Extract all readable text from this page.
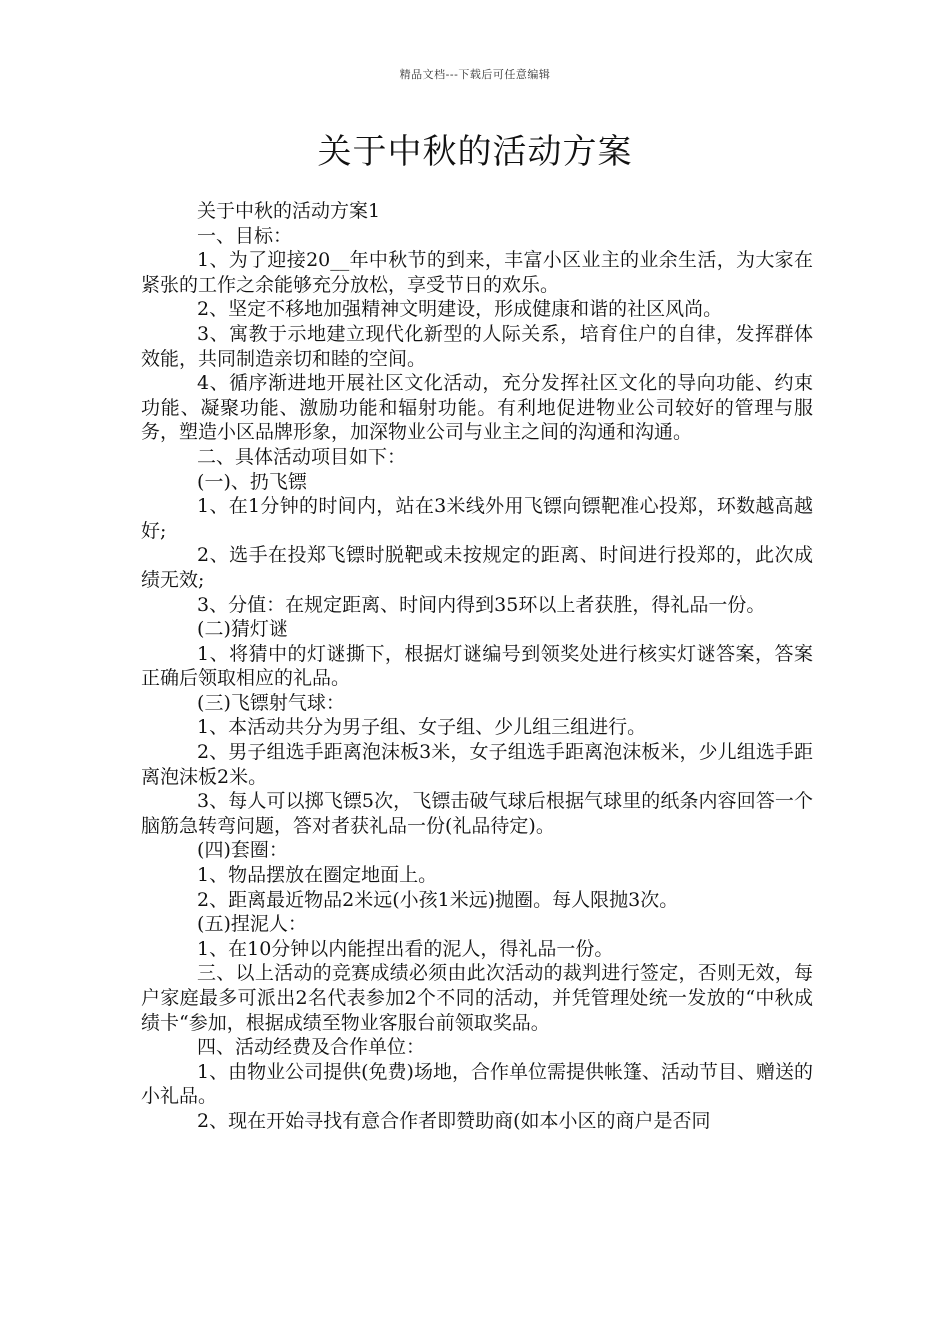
精品文档---下载后可任意编辑
关于中秋的活动方案

关于中秋的活动方案1

一、目标：

1、为了迎接20__年中秋节的到来，丰富小区业主的业余生活，为大家在紧张的工作之余能够充分放松，享受节日的欢乐。

2、坚定不移地加强精神文明建设，形成健康和谐的社区风尚。

3、寓教于示地建立现代化新型的人际关系，培育住户的自律，发挥群体效能，共同制造亲切和睦的空间。

4、循序渐进地开展社区文化活动，充分发挥社区文化的导向功能、约束功能、凝聚功能、激励功能和辐射功能。有利地促进物业公司较好的管理与服务，塑造小区品牌形象，加深物业公司与业主之间的沟通和沟通。

二、具体活动项目如下：

(一)、扔飞镖

1、在1分钟的时间内，站在3米线外用飞镖向镖靶准心投郑，环数越高越好;

2、选手在投郑飞镖时脱靶或未按规定的距离、时间进行投郑的，此次成绩无效;

3、分值：在规定距离、时间内得到35环以上者获胜，得礼品一份。

(二)猜灯谜

1、将猜中的灯谜撕下，根据灯谜编号到领奖处进行核实灯谜答案，答案正确后领取相应的礼品。

(三)飞镖射气球：

1、本活动共分为男子组、女子组、少儿组三组进行。

2、男子组选手距离泡沫板3米，女子组选手距离泡沫板米，少儿组选手距离泡沫板2米。

3、每人可以掷飞镖5次，飞镖击破气球后根据气球里的纸条内容回答一个脑筋急转弯问题，答对者获礼品一份(礼品待定)。

(四)套圈：

1、物品摆放在圈定地面上。

2、距离最近物品2米远(小孩1米远)抛圈。每人限抛3次。

(五)捏泥人：

1、在10分钟以内能捏出看的泥人，得礼品一份。

三、以上活动的竞赛成绩必须由此次活动的裁判进行签定，否则无效，每户家庭最多可派出2名代表参加2个不同的活动，并凭管理处统一发放的“中秋成绩卡“参加，根据成绩至物业客服台前领取奖品。

四、活动经费及合作单位：

1、由物业公司提供(免费)场地，合作单位需提供帐篷、活动节目、赠送的小礼品。

2、现在开始寻找有意合作者即赞助商(如本小区的商户是否同
